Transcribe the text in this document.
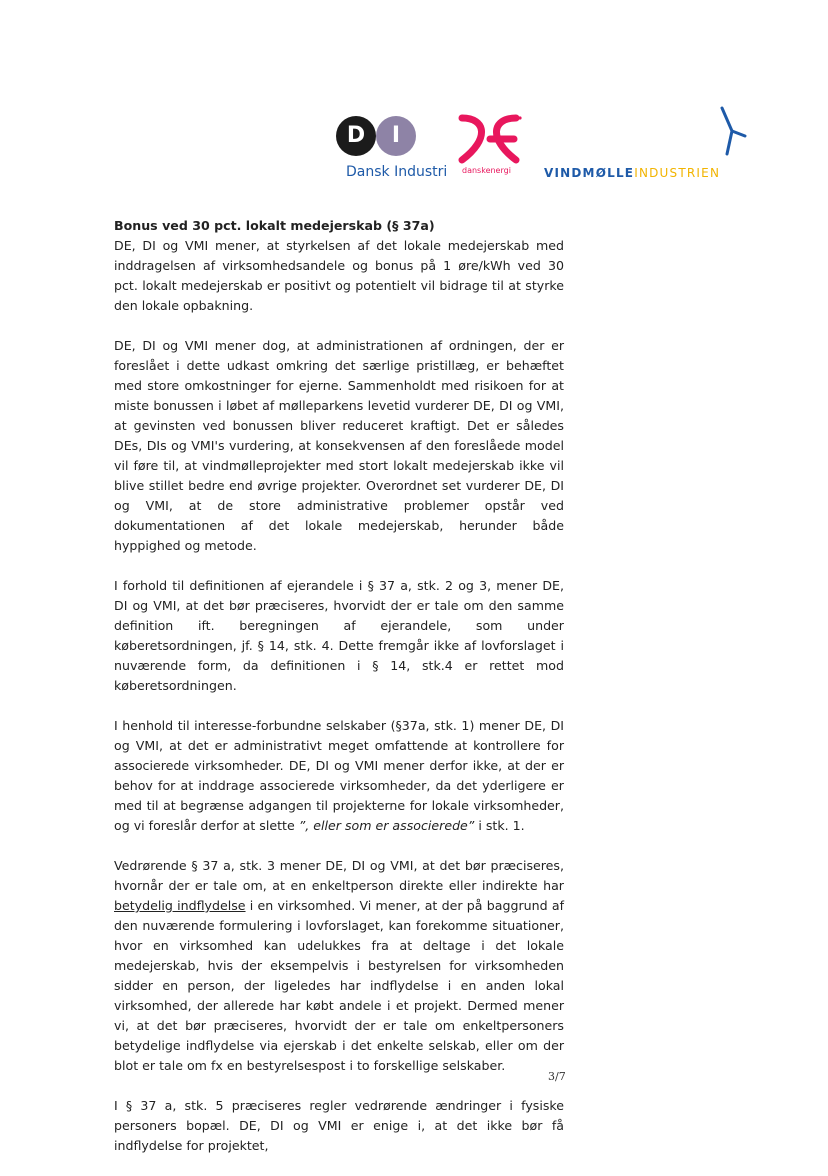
D	I
Dansk Industri danskenergi	VINDMØLLEINDUSTRIEN
Bonus ved 30 pct. lokalt medejerskab (§ 37a)

DE, DI og VMI mener, at styrkelsen af det lokale medejerskab med inddragelsen af virksomhedsandele og bonus på 1 øre/kWh ved 30 pct. lokalt medejerskab er positivt og potentielt vil bidrage til at styrke den lokale opbakning.

DE, DI og VMI mener dog, at administrationen af ordningen, der er foreslået i dette udkast omkring det særlige pristillæg, er behæftet med store omkostninger for ejerne. Sammenholdt med risikoen for at miste bonussen i løbet af mølleparkens levetid vurderer DE, DI og VMI, at gevinsten ved bonussen bliver reduceret kraftigt. Det er således DEs, DIs og VMI's vurdering, at konsekvensen af den foreslåede model vil føre til, at vindmølleprojekter med stort lokalt medejerskab ikke vil blive stillet bedre end øvrige projekter. Overordnet set vurderer DE, DI og VMI, at de store administrative problemer opstår ved dokumentationen af det lokale medejerskab, herunder både hyppighed og metode.

I forhold til definitionen af ejerandele i § 37 a, stk. 2 og 3, mener DE, DI og VMI, at det bør præciseres, hvorvidt der er tale om den samme definition ift. beregningen af ejerandele, som under køberetsordningen, jf. § 14, stk. 4. Dette fremgår ikke af lovforslaget i nuværende form, da definitionen i § 14, stk.4 er rettet mod køberetsordningen.

I henhold til interesse-forbundne selskaber (§37a, stk. 1) mener DE, DI og VMI, at det er administrativt meget omfattende at kontrollere for associerede virksomheder. DE, DI og VMI mener derfor ikke, at der er behov for at inddrage associerede virksomheder, da det yderligere er med til at begrænse adgangen til projekterne for lokale virksomheder, og vi foreslår derfor at slette ”, eller som er associerede” i stk. 1.

Vedrørende § 37 a, stk. 3 mener DE, DI og VMI, at det bør præciseres, hvornår der er tale om, at en enkeltperson direkte eller indirekte har betydelig indflydelse i en virksomhed. Vi mener, at der på baggrund af den nuværende formulering i lovforslaget, kan forekomme situationer, hvor en virksomhed kan udelukkes fra at deltage i det lokale medejerskab, hvis der eksempelvis i bestyrelsen for virksomheden sidder en person, der ligeledes har indflydelse i en anden lokal virksomhed, der allerede har købt andele i et projekt. Dermed mener vi, at det bør præciseres, hvorvidt der er tale om enkeltpersoners betydelige indflydelse via ejerskab i det enkelte selskab, eller om der blot er tale om fx en bestyrelsespost i to forskellige selskaber.

I § 37 a, stk. 5 præciseres regler vedrørende ændringer i fysiske personers bopæl. DE, DI og VMI er enige i, at det ikke bør få indflydelse for projektet,

3/7
